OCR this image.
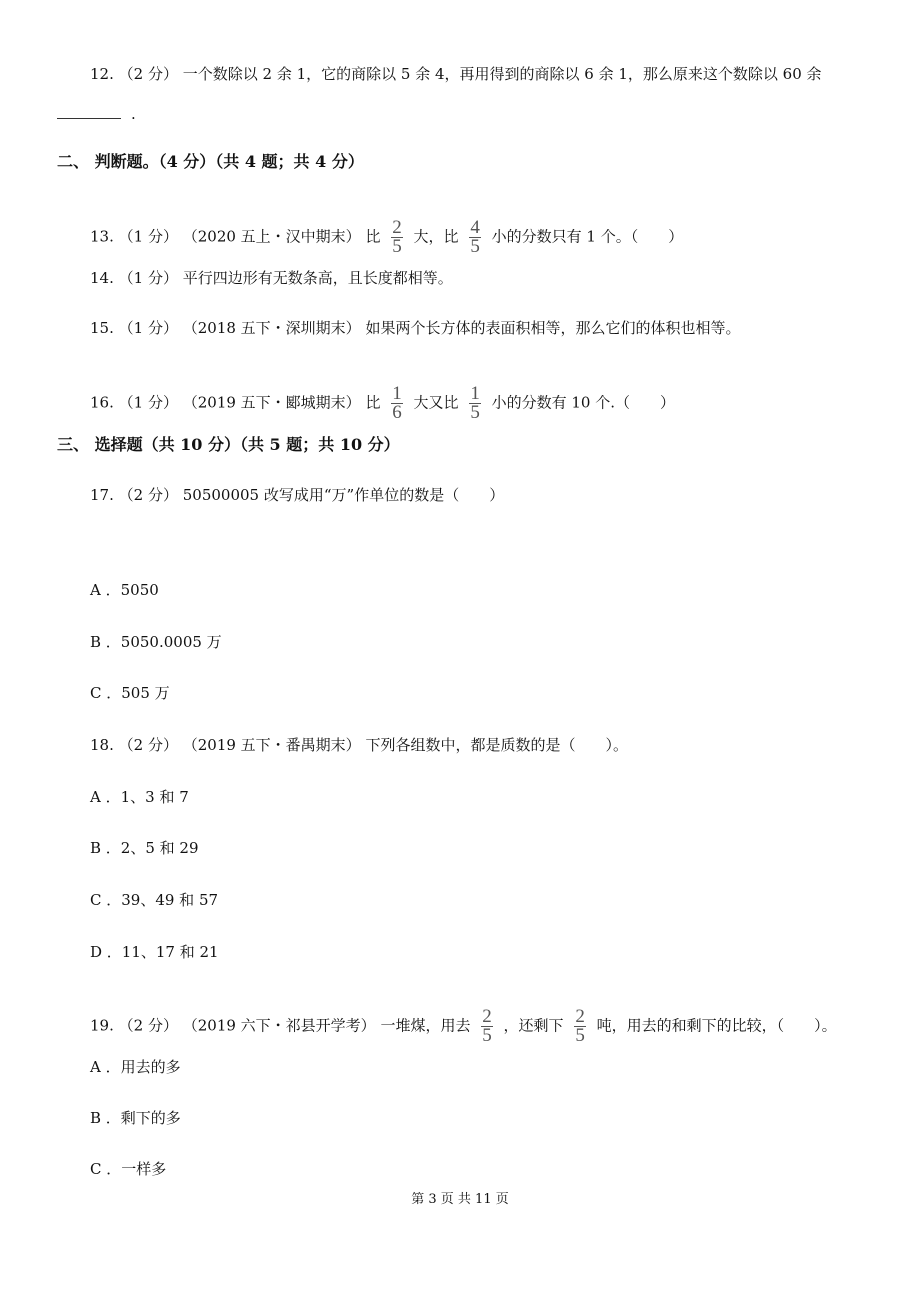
12. （2 分） 一个数除以 2 余 1，它的商除以 5 余 4，再用得到的商除以 6 余 1，那么原来这个数除以 60 余
.
二、 判断题。（4 分）（共 4 题；共 4 分）
13. （1 分） （2020 五上・汉中期末） 比 $\frac{2}{5}$ 大，比 $\frac{4}{5}$ 小的分数只有 1 个。（　　）
14. （1 分） 平行四边形有无数条高，且长度都相等。
15. （1 分） （2018 五下・深圳期末） 如果两个长方体的表面积相等，那么它们的体积也相等。
16. （1 分） （2019 五下・郾城期末） 比 $\frac{1}{6}$ 大又比 $\frac{1}{5}$ 小的分数有 10 个.（　　）
三、 选择题（共 10 分）（共 5 题；共 10 分）
17. （2 分） 50500005 改写成用“万”作单位的数是（　　）
A ．5050
B ．5050.0005 万
C ．505 万
18. （2 分） （2019 五下・番禺期末） 下列各组数中，都是质数的是（　　）。
A ．1、3 和 7
B ．2、5 和 29
C ．39、49 和 57
D ．11、17 和 21
19. （2 分） （2019 六下・祁县开学考） 一堆煤，用去 $\frac{2}{5}$ ，还剩下 $\frac{2}{5}$ 吨，用去的和剩下的比较，（　　）。
A ．用去的多
B ．剩下的多
C ．一样多
第 3 页 共 11 页
